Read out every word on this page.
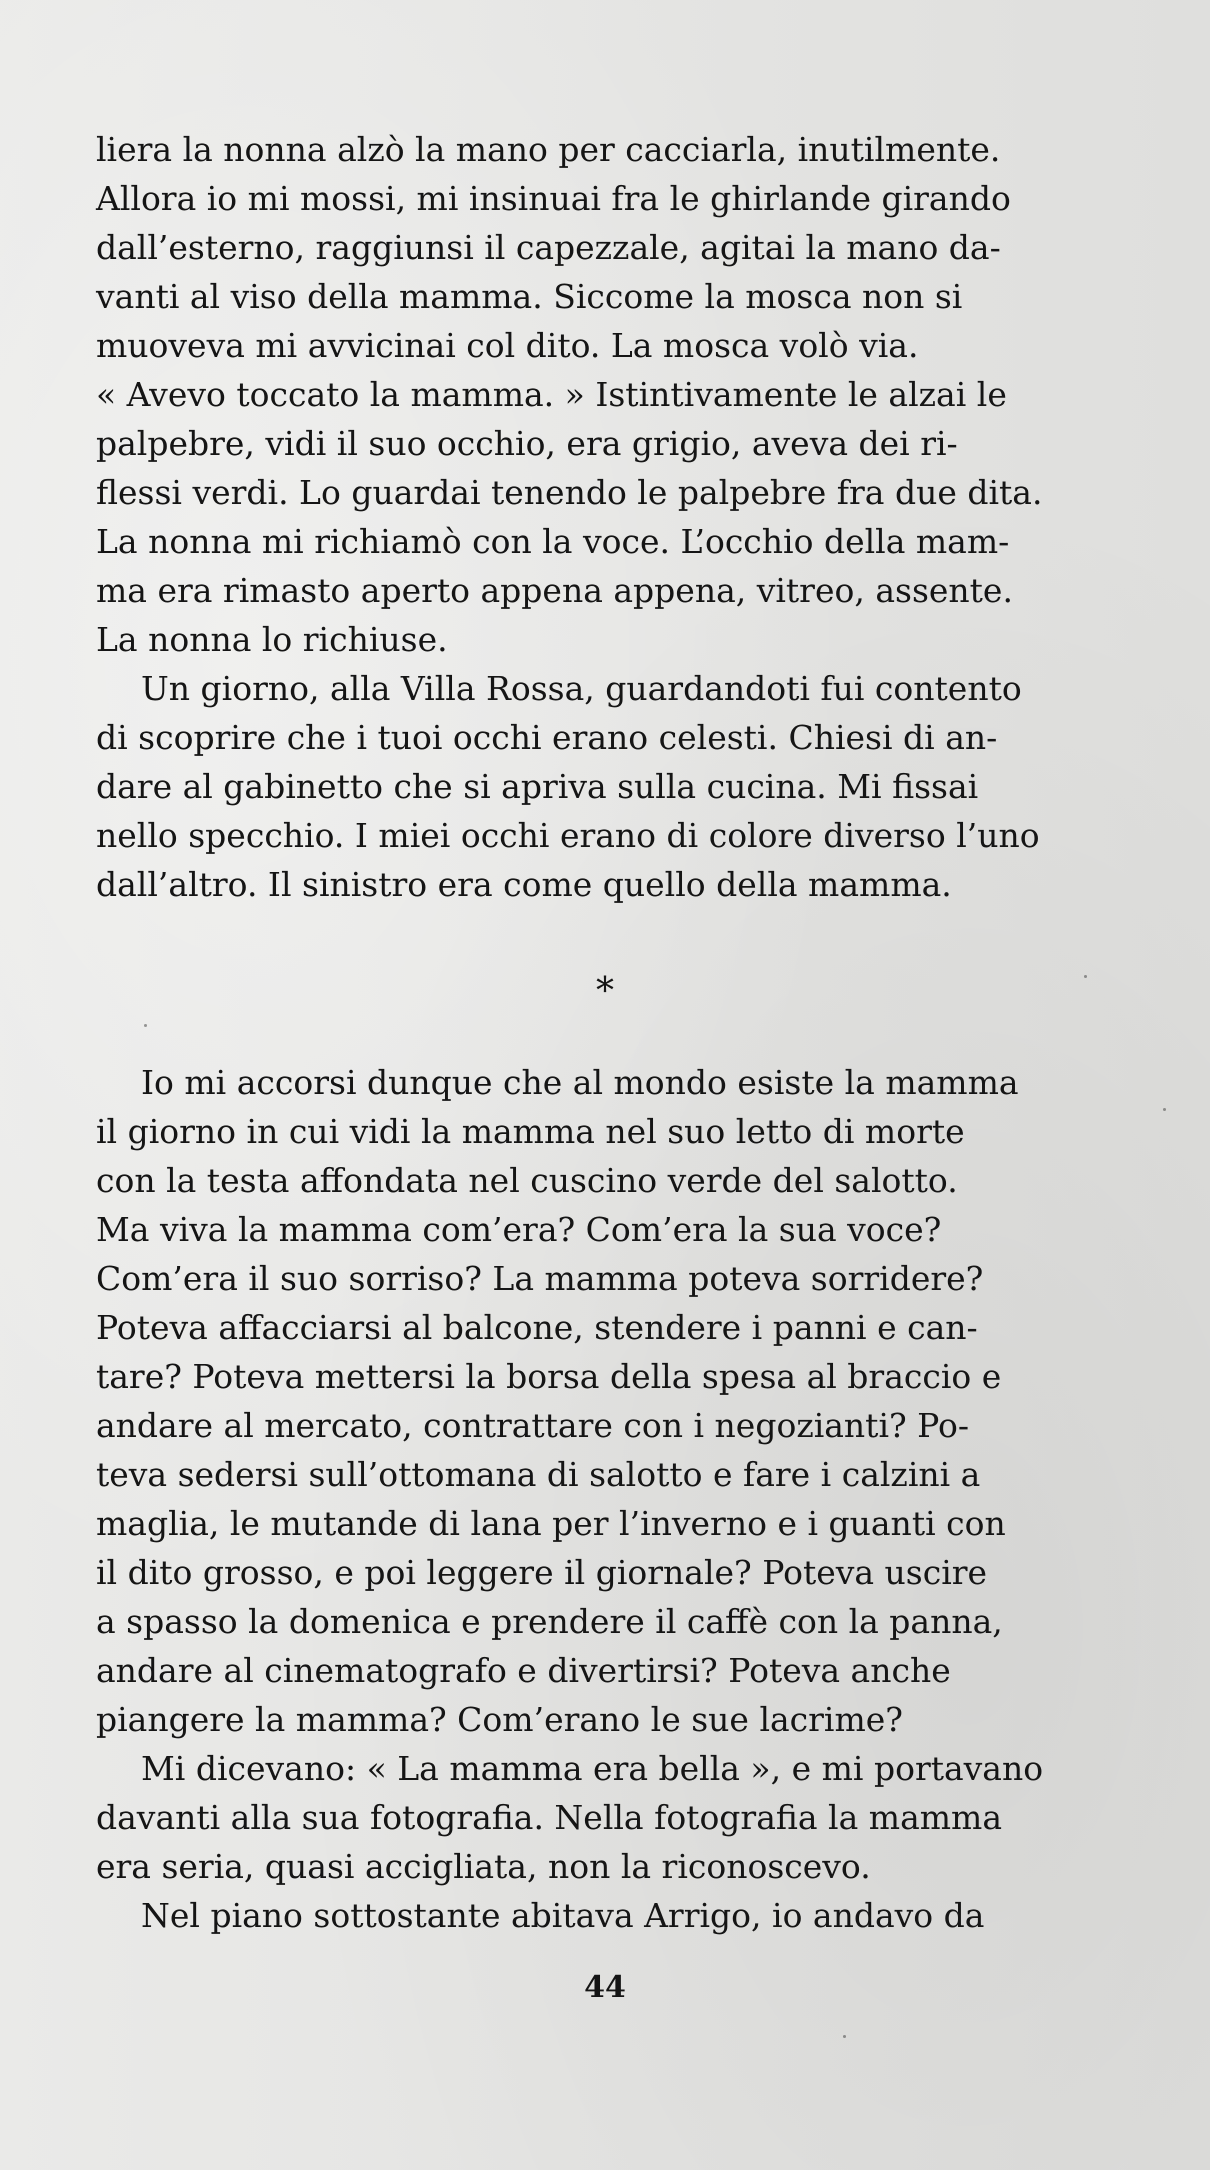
liera la nonna alzò la mano per cacciarla, inutilmente.
Allora io mi mossi, mi insinuai fra le ghirlande girando
dall’esterno, raggiunsi il capezzale, agitai la mano da-
vanti al viso della mamma. Siccome la mosca non si
muoveva mi avvicinai col dito. La mosca volò via.
« Avevo toccato la mamma. » Istintivamente le alzai le
palpebre, vidi il suo occhio, era grigio, aveva dei ri-
flessi verdi. Lo guardai tenendo le palpebre fra due dita.
La nonna mi richiamò con la voce. L’occhio della mam-
ma era rimasto aperto appena appena, vitreo, assente.
La nonna lo richiuse.
Un giorno, alla Villa Rossa, guardandoti fui contento
di scoprire che i tuoi occhi erano celesti. Chiesi di an-
dare al gabinetto che si apriva sulla cucina. Mi fissai
nello specchio. I miei occhi erano di colore diverso l’uno
dall’altro. Il sinistro era come quello della mamma.
*
Io mi accorsi dunque che al mondo esiste la mamma
il giorno in cui vidi la mamma nel suo letto di morte
con la testa affondata nel cuscino verde del salotto.
Ma viva la mamma com’era? Com’era la sua voce?
Com’era il suo sorriso? La mamma poteva sorridere?
Poteva affacciarsi al balcone, stendere i panni e can-
tare? Poteva mettersi la borsa della spesa al braccio e
andare al mercato, contrattare con i negozianti? Po-
teva sedersi sull’ottomana di salotto e fare i calzini a
maglia, le mutande di lana per l’inverno e i guanti con
il dito grosso, e poi leggere il giornale? Poteva uscire
a spasso la domenica e prendere il caffè con la panna,
andare al cinematografo e divertirsi? Poteva anche
piangere la mamma? Com’erano le sue lacrime?
Mi dicevano: « La mamma era bella », e mi portavano
davanti alla sua fotografia. Nella fotografia la mamma
era seria, quasi accigliata, non la riconoscevo.
Nel piano sottostante abitava Arrigo, io andavo da
44
